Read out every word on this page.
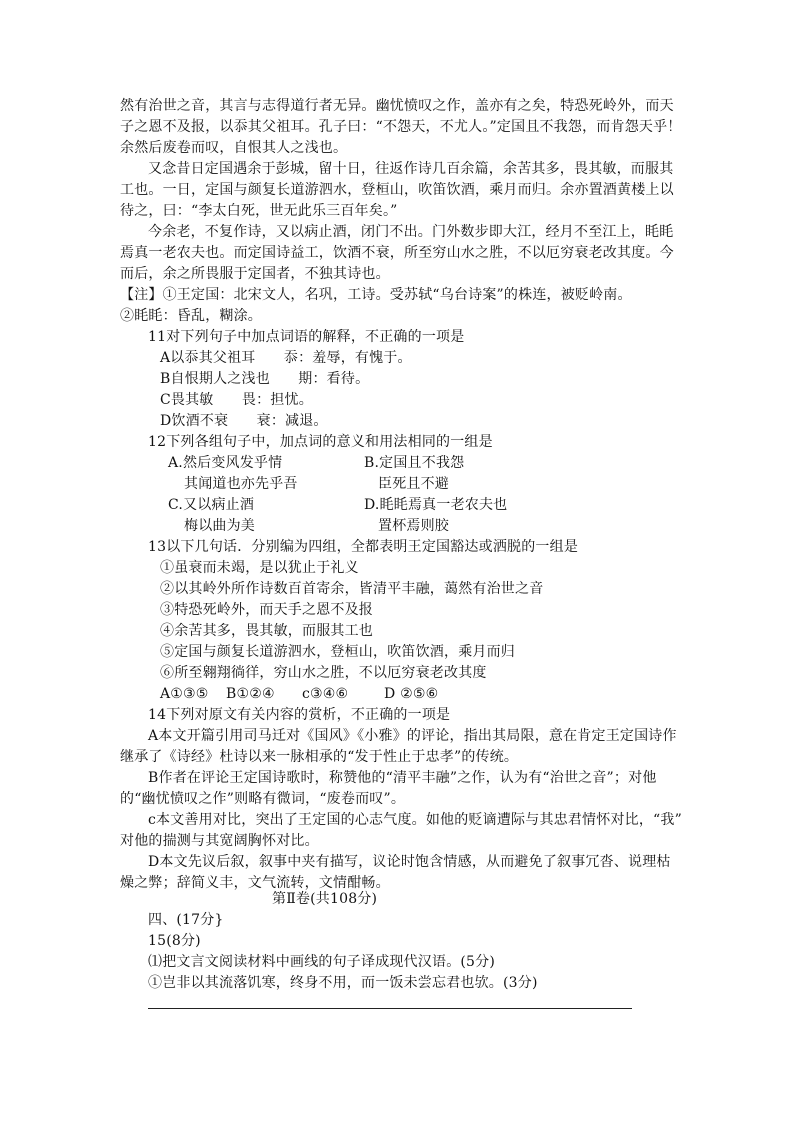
然有治世之音，其言与志得道行者无异。幽忧愤叹之作，盖亦有之矣，特恐死岭外，而天
子之恩不及报，以忝其父祖耳。孔子曰：“不怨天，不尤人。”定国且不我怨，而肯怨天乎！
余然后废卷而叹，自恨其人之浅也。
又念昔日定国遇余于彭城，留十日，往返作诗几百余篇，余苦其多，畏其敏，而服其
工也。一日，定国与颜复长道游泗水，登桓山，吹笛饮酒，乘月而归。余亦置酒黄楼上以
待之，曰：“李太白死，世无此乐三百年矣。”
今余老，不复作诗，又以病止酒，闭门不出。门外数步即大江，经月不至江上，眊眊
焉真一老农夫也。而定国诗益工，饮酒不衰，所至穷山水之胜，不以厄穷衰老改其度。今
而后，余之所畏服于定国者，不独其诗也。
【注】①王定国：北宋文人，名巩，工诗。受苏轼“乌台诗案”的株连，被贬岭南。
②眊眊：昏乱，糊涂。
11对下列句子中加点词语的解释，不正确的一项是
A以忝其父祖耳　　忝：羞辱，有愧于。
B自恨期人之浅也　　期：看待。
C畏其敏　　畏：担忧。
D饮酒不衰　　衰：减退。
12下列各组句子中，加点词的意义和用法相同的一组是
A.然后变风发乎情	B.定国且不我怨
其闻道也亦先乎吾	臣死且不避
C.又以病止酒	D.眊眊焉真一老农夫也
梅以曲为美	置杯焉则胶
13以下几句话．分别编为四组，全都表明王定国豁达或洒脱的一组是
①虽衰而未竭，是以犹止于礼义
②以其岭外所作诗数百首寄余，皆清平丰融，蔼然有治世之音
③特恐死岭外，而天手之恩不及报
④余苦其多，畏其敏，而服其工也
⑤定国与颜复长道游泗水，登桓山，吹笛饮酒，乘月而归
⑥所至翱翔徜徉，穷山水之胜，不以厄穷衰老改其度
A①③⑤ B①②④ c③④⑥	D ②⑤⑥
14下列对原文有关内容的赏析，不正确的一项是
A本文开篇引用司马迁对《国风》《小雅》的评论，指出其局限，意在肯定王定国诗作
继承了《诗经》杜诗以来一脉相承的“发于性止于忠孝”的传统。
B作者在评论王定国诗歌时，称赞他的“清平丰融”之作，认为有“治世之音”；对他
的“幽忧愤叹之作”则略有微词，“废卷而叹”。
c本文善用对比，突出了王定国的心志气度。如他的贬谪遭际与其忠君情怀对比，“我”
对他的揣测与其宽阔胸怀对比。
D本文先议后叙，叙事中夹有描写，议论时饱含情感，从而避免了叙事冗沓、说理枯
燥之弊；辞简义丰，文气流转，文情酣畅。
第Ⅱ卷(共108分)
四、(17分}
15(8分)
⑴把文言文阅读材料中画线的句子译成现代汉语。(5分)
①岂非以其流落饥寒，终身不用，而一饭未尝忘君也欤。(3分)
